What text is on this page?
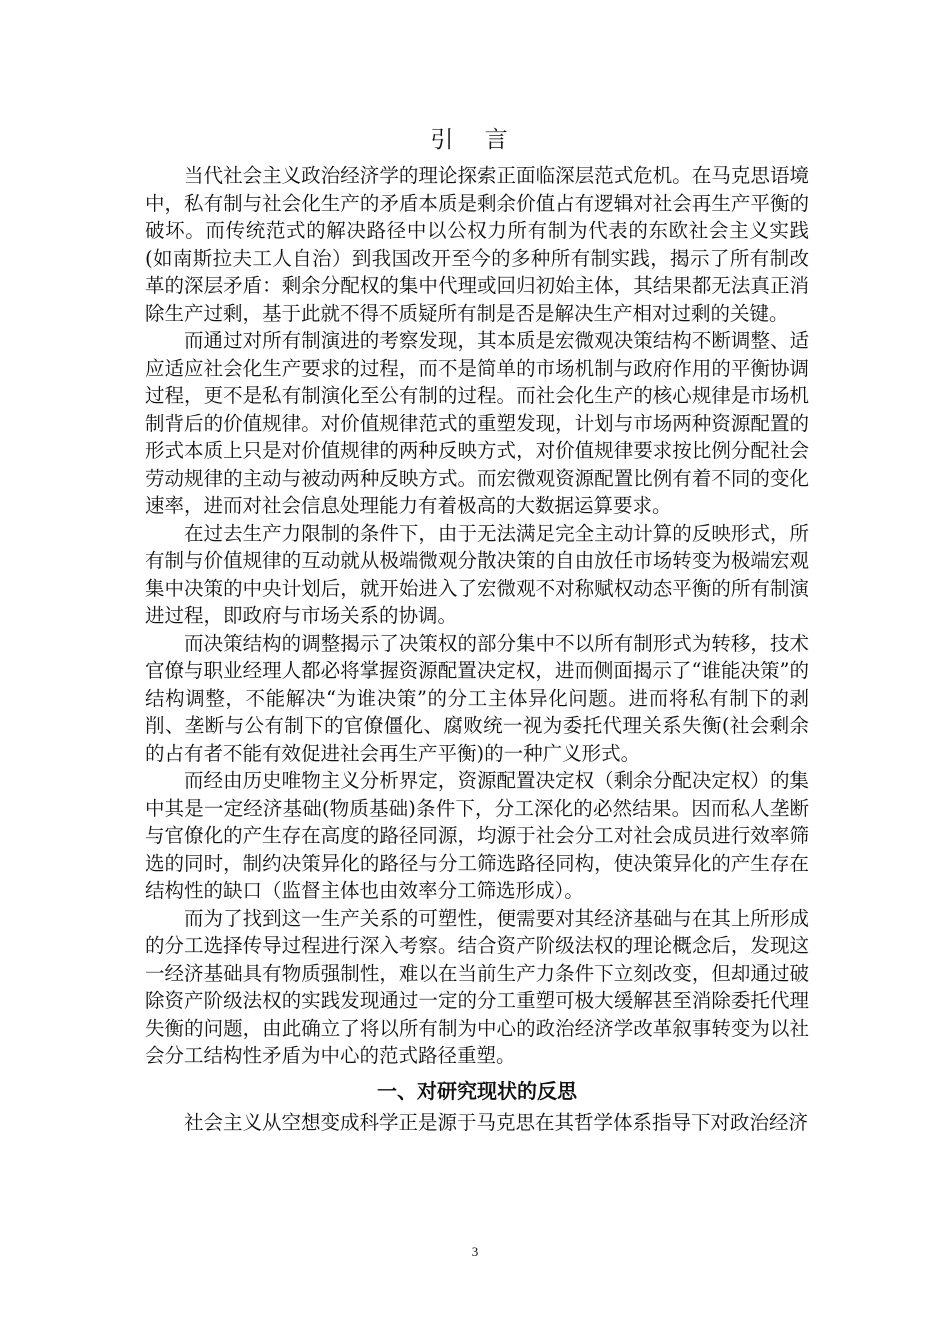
引 言

当代社会主义政治经济学的理论探索正面临深层范式危机。在马克思语境中，私有制与社会化生产的矛盾本质是剩余价值占有逻辑对社会再生产平衡的破坏。而传统范式的解决路径中以公权力所有制为代表的东欧社会主义实践(如南斯拉夫工人自治）到我国改开至今的多种所有制实践，揭示了所有制改革的深层矛盾：剩余分配权的集中代理或回归初始主体，其结果都无法真正消除生产过剩，基于此就不得不质疑所有制是否是解决生产相对过剩的关键。

而通过对所有制演进的考察发现，其本质是宏微观决策结构不断调整、适应适应社会化生产要求的过程，而不是简单的市场机制与政府作用的平衡协调过程，更不是私有制演化至公有制的过程。而社会化生产的核心规律是市场机制背后的价值规律。对价值规律范式的重塑发现，计划与市场两种资源配置的形式本质上只是对价值规律的两种反映方式，对价值规律要求按比例分配社会劳动规律的主动与被动两种反映方式。而宏微观资源配置比例有着不同的变化速率，进而对社会信息处理能力有着极高的大数据运算要求。

在过去生产力限制的条件下，由于无法满足完全主动计算的反映形式，所有制与价值规律的互动就从极端微观分散决策的自由放任市场转变为极端宏观集中决策的中央计划后，就开始进入了宏微观不对称赋权动态平衡的所有制演进过程，即政府与市场关系的协调。

而决策结构的调整揭示了决策权的部分集中不以所有制形式为转移，技术官僚与职业经理人都必将掌握资源配置决定权，进而侧面揭示了“谁能决策”的结构调整，不能解决“为谁决策”的分工主体异化问题。进而将私有制下的剥削、垄断与公有制下的官僚僵化、腐败统一视为委托代理关系失衡(社会剩余的占有者不能有效促进社会再生产平衡)的一种广义形式。

而经由历史唯物主义分析界定，资源配置决定权（剩余分配决定权）的集中其是一定经济基础(物质基础)条件下，分工深化的必然结果。因而私人垄断与官僚化的产生存在高度的路径同源，均源于社会分工对社会成员进行效率筛选的同时，制约决策异化的路径与分工筛选路径同构，使决策异化的产生存在结构性的缺口（监督主体也由效率分工筛选形成）。

而为了找到这一生产关系的可塑性，便需要对其经济基础与在其上所形成的分工选择传导过程进行深入考察。结合资产阶级法权的理论概念后，发现这一经济基础具有物质强制性，难以在当前生产力条件下立刻改变，但却通过破除资产阶级法权的实践发现通过一定的分工重塑可极大缓解甚至消除委托代理失衡的问题，由此确立了将以所有制为中心的政治经济学改革叙事转变为以社会分工结构性矛盾为中心的范式路径重塑。

一、对研究现状的反思

社会主义从空想变成科学正是源于马克思在其哲学体系指导下对政治经济

3
